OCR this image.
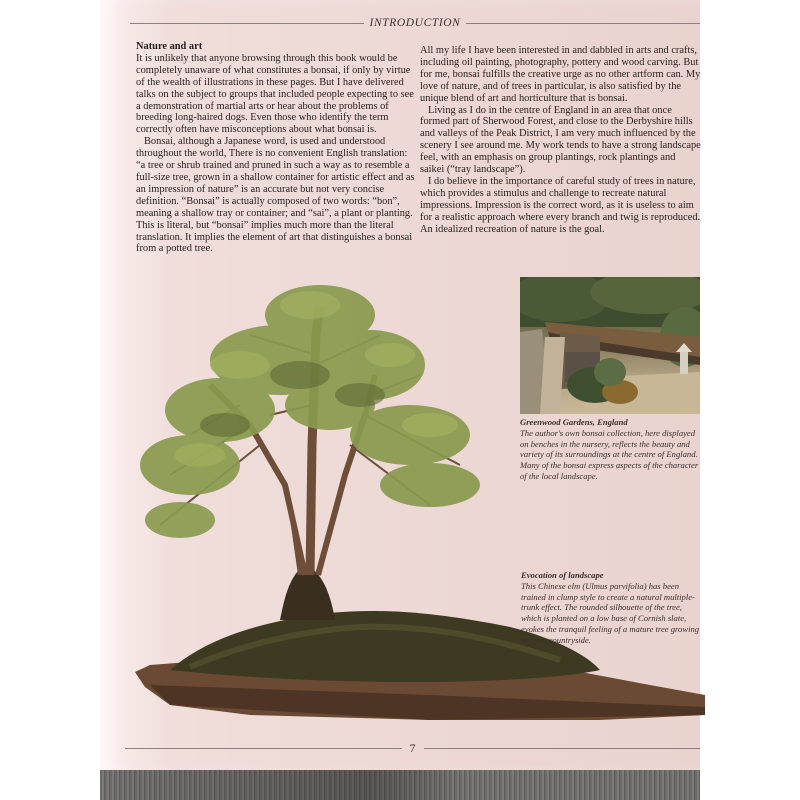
INTRODUCTION

Nature and art

It is unlikely that anyone browsing through this book would be completely unaware of what constitutes a bonsai, if only by virtue of the wealth of illustrations in these pages. But I have delivered talks on the subject to groups that included people expecting to see a demonstration of martial arts or hear about the problems of breeding long-haired dogs. Even those who identify the term correctly often have misconceptions about what bonsai is.

Bonsai, although a Japanese word, is used and understood throughout the world, There is no convenient English translation: “a tree or shrub trained and pruned in such a way as to resemble a full-size tree, grown in a shallow container for artistic effect and as an impression of nature” is an accurate but not very concise definition. “Bonsai” is actually composed of two words: “bon”, meaning a shallow tray or container; and “sai”, a plant or planting. This is literal, but “bonsai” implies much more than the literal translation. It implies the element of art that distinguishes a bonsai from a potted tree.

All my life I have been interested in and dabbled in arts and crafts, including oil painting, photography, pottery and wood carving. But for me, bonsai fulfills the creative urge as no other artform can. My love of nature, and of trees in particular, is also satisfied by the unique blend of art and horticulture that is bonsai.

Living as I do in the centre of England in an area that once formed part of Sherwood Forest, and close to the Derbyshire hills and valleys of the Peak District, I am very much influenced by the scenery I see around me. My work tends to have a strong landscape feel, with an emphasis on group plantings, rock plantings and saikei (“tray landscape”).

I do believe in the importance of careful study of trees in nature, which provides a stimulus and challenge to recreate natural impressions. Impression is the correct word, as it is useless to aim for a realistic approach where every branch and twig is reproduced. An idealized recreation of nature is the goal.

Greenwood Gardens, England
The author's own bonsai collection, here displayed on benches in the nursery, reflects the beauty and variety of its surroundings at the centre of England. Many of the bonsai express aspects of the character of the local landscape.
Evocation of landscape
This Chinese elm (Ulmus parvifolia) has been trained in clump style to create a natural multiple-trunk effect. The rounded silhouette of the tree, which is planted on a low base of Cornish slate, evokes the tranquil feeling of a mature tree growing in open countryside.
7
